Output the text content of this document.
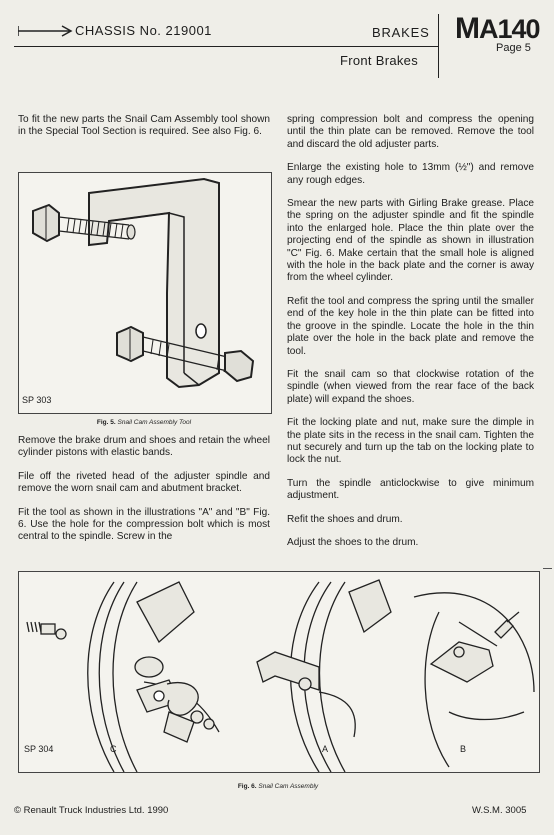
CHASSIS No. 219001	BRAKES
Front Brakes
MA140
Page 5

To fit the new parts the Snail Cam Assembly tool shown in the Special Tool Section is required. See also Fig. 6.

SP 303
Fig. 5. Snail Cam Assembly Tool

Remove the brake drum and shoes and retain the wheel cylinder pistons with elastic bands.

File off the riveted head of the adjuster spindle and remove the worn snail cam and abutment bracket.

Fit the tool as shown in the illustrations "A" and "B" Fig. 6. Use the hole for the compression bolt which is most central to the spindle. Screw in the

spring compression bolt and compress the opening until the thin plate can be removed. Remove the tool and discard the old adjuster parts.

Enlarge the existing hole to 13mm (½") and remove any rough edges.

Smear the new parts with Girling Brake grease. Place the spring on the adjuster spindle and fit the spindle into the enlarged hole. Place the thin plate over the projecting end of the spindle as shown in illustration "C" Fig. 6. Make certain that the small hole is aligned with the hole in the back plate and the corner is away from the wheel cylinder.

Refit the tool and compress the spring until the smaller end of the key hole in the thin plate can be fitted into the groove in the spindle. Locate the hole in the thin plate over the hole in the back plate and remove the tool.

Fit the snail cam so that clockwise rotation of the spindle (when viewed from the rear face of the back plate) will expand the shoes.

Fit the locking plate and nut, make sure the dimple in the plate sits in the recess in the snail cam. Tighten the nut securely and turn up the tab on the locking plate to lock the nut.

Turn the spindle anticlockwise to give minimum adjustment.

Refit the shoes and drum.

Adjust the shoes to the drum.

SP 304	C	A	B
Fig. 6. Snail Cam Assembly
© Renault Truck Industries Ltd. 1990	W.S.M. 3005
